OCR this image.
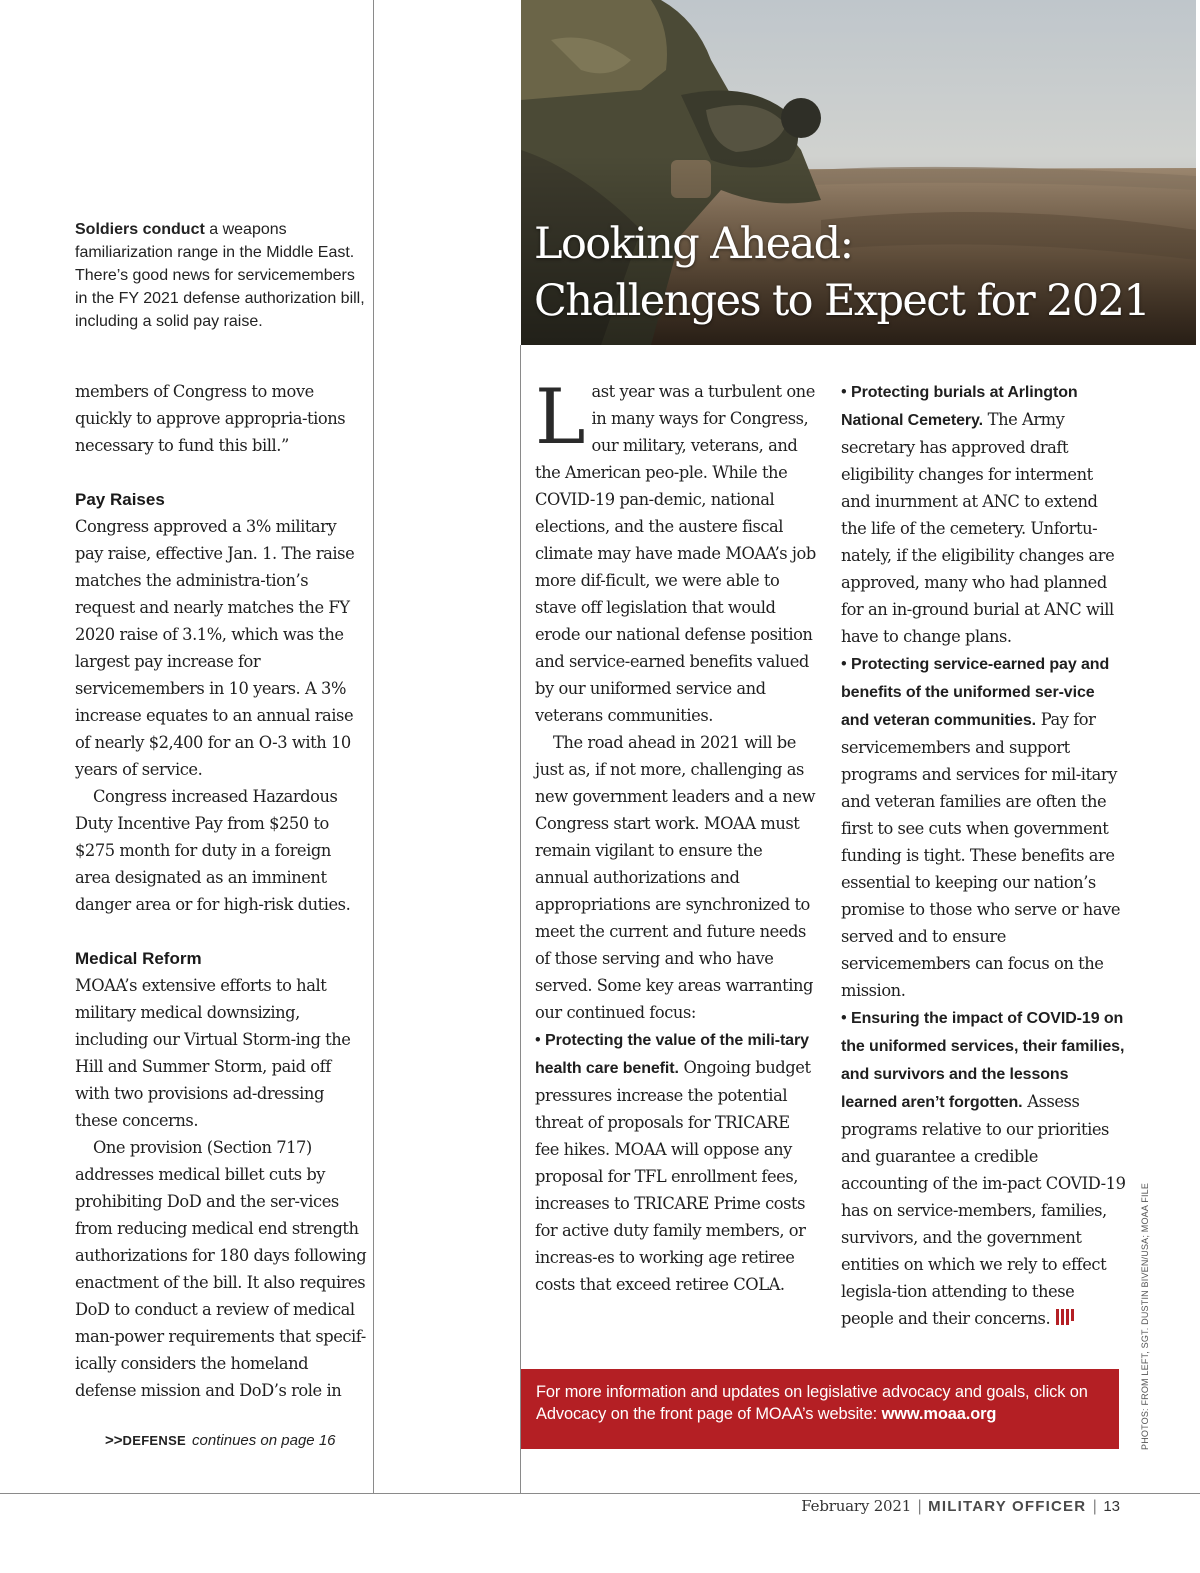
Soldiers conduct a weapons familiarization range in the Middle East. There’s good news for servicemembers in the FY 2021 defense authorization bill, including a solid pay raise.

members of Congress to move quickly to approve appropria-tions necessary to fund this bill.”

Pay Raises

Congress approved a 3% military pay raise, effective Jan. 1. The raise matches the administra-tion’s request and nearly matches the FY 2020 raise of 3.1%, which was the largest pay increase for servicemembers in 10 years. A 3% increase equates to an annual raise of nearly $2,400 for an O-3 with 10 years of service.

Congress increased Hazardous Duty Incentive Pay from $250 to $275 month for duty in a foreign area designated as an imminent danger area or for high-risk duties.

Medical Reform

MOAA’s extensive efforts to halt military medical downsizing, including our Virtual Storm-ing the Hill and Summer Storm, paid off with two provisions ad-dressing these concerns.

One provision (Section 717) addresses medical billet cuts by prohibiting DoD and the ser-vices from reducing medical end strength authorizations for 180 days following enactment of the bill. It also requires DoD to conduct a review of medical man-power requirements that specif-ically considers the homeland defense mission and DoD’s role in

>>DEFENSE continues on page 16
Looking Ahead:
Challenges to Expect for 2021

Last year was a turbulent one in many ways for Congress, our military, veterans, and the American peo-ple. While the COVID-19 pan-demic, national elections, and the austere fiscal climate may have made MOAA’s job more dif-ficult, we were able to stave off legislation that would erode our national defense position and service-earned benefits valued by our uniformed service and veterans communities.

The road ahead in 2021 will be just as, if not more, challenging as new government leaders and a new Congress start work. MOAA must remain vigilant to ensure the annual authorizations and appropriations are synchronized to meet the current and future needs of those serving and who have served. Some key areas warranting our continued focus:

• Protecting the value of the mili-tary health care benefit. Ongoing budget pressures increase the potential threat of proposals for TRICARE fee hikes. MOAA will oppose any proposal for TFL enrollment fees, increases to TRICARE Prime costs for active duty family members, or increas-es to working age retiree costs that exceed retiree COLA.

• Protecting burials at Arlington National Cemetery. The Army secretary has approved draft eligibility changes for interment and inurnment at ANC to extend the life of the cemetery. Unfortu-nately, if the eligibility changes are approved, many who had planned for an in-ground burial at ANC will have to change plans.

• Protecting service-earned pay and benefits of the uniformed ser-vice and veteran communities. Pay for servicemembers and support programs and services for mil-itary and veteran families are often the first to see cuts when government funding is tight. These benefits are essential to keeping our nation’s promise to those who serve or have served and to ensure servicemembers can focus on the mission.

• Ensuring the impact of COVID-19 on the uniformed services, their families, and survivors and the lessons learned aren’t forgotten. Assess programs relative to our priorities and guarantee a credible accounting of the im-pact COVID-19 has on service-members, families, survivors, and the government entities on which we rely to effect legisla-tion attending to these people and their concerns.

For more information and updates on legislative advocacy and goals, click on Advocacy on the front page of MOAA’s website: www.moaa.org	PHOTOS: FROM LEFT, SGT. DUSTIN BIVEN/USA; MOAA FILE
February 2021 | MILITARY OFFICER | 13
